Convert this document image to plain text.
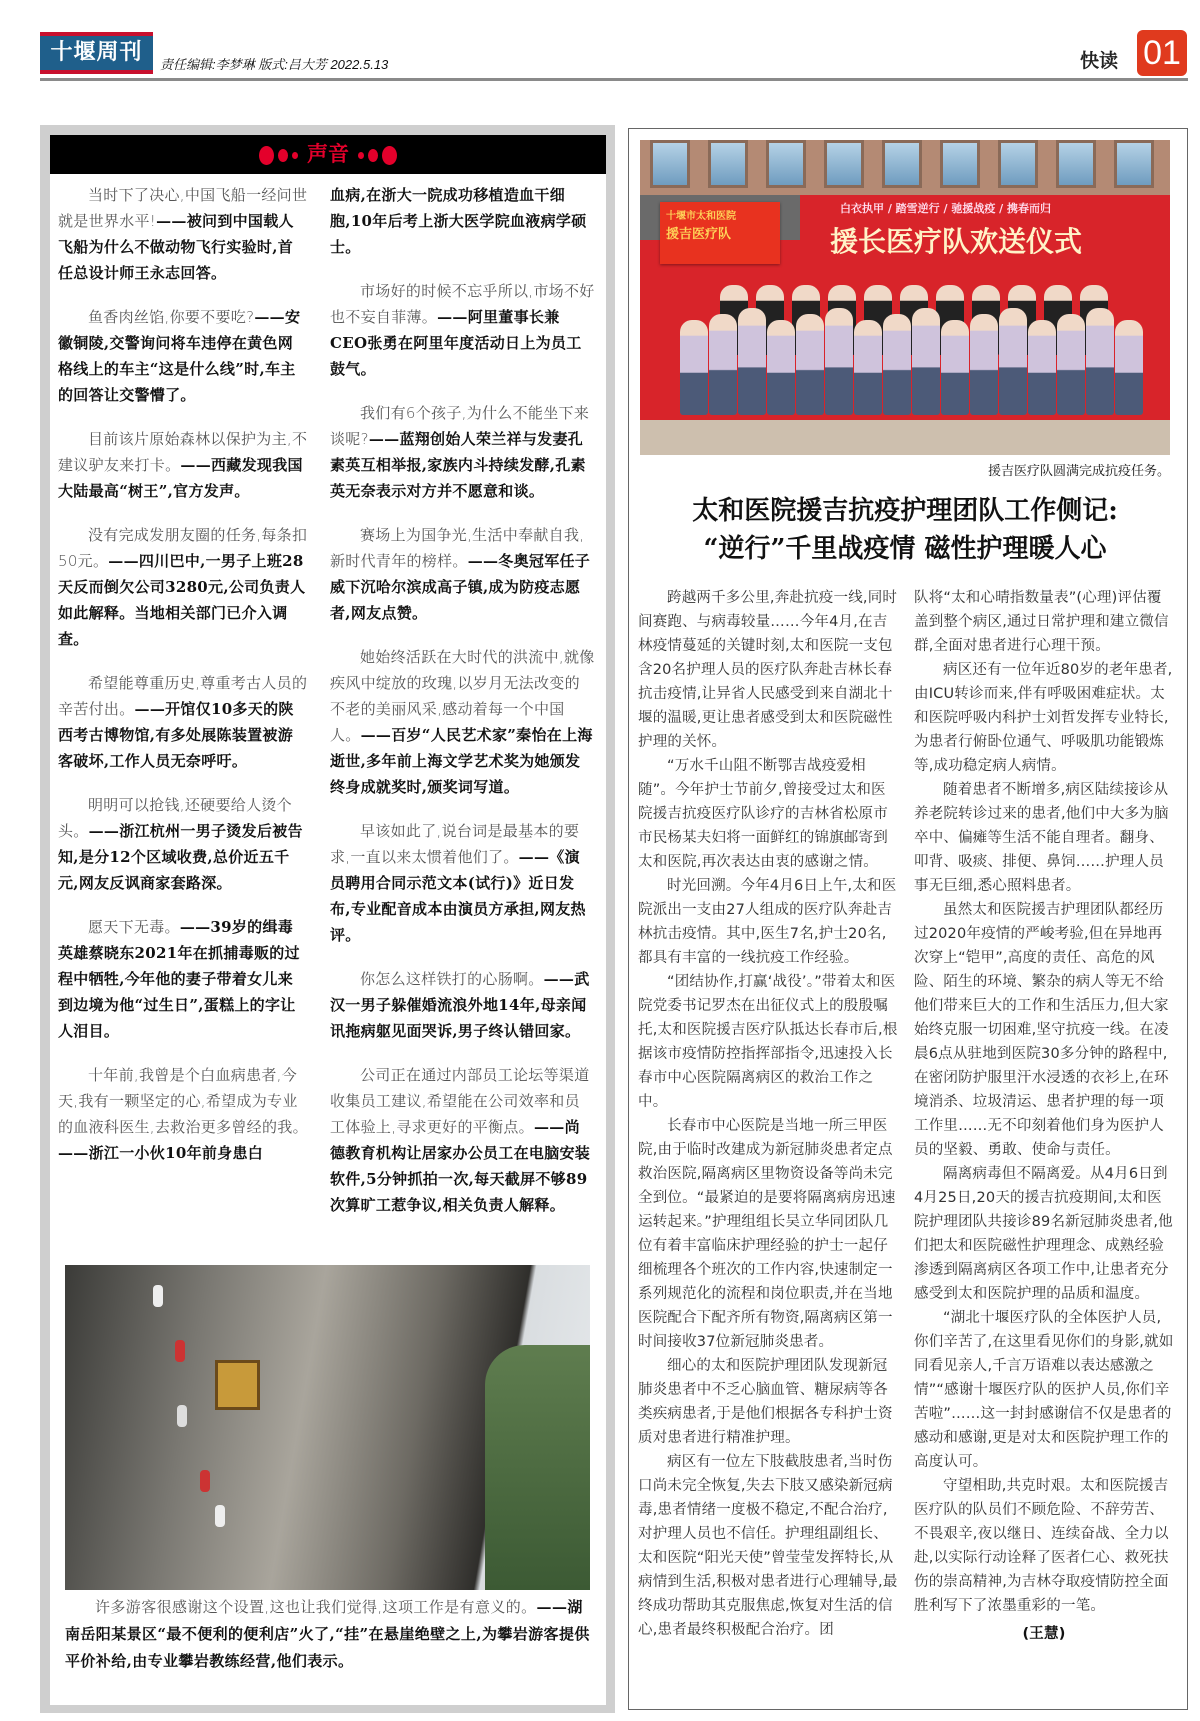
十堰周刊	责任编辑:李梦琳 版式:吕大芳 2022.5.13	快读 01
声音

当时下了决心,中国飞船一经问世就是世界水平!——被问到中国载人飞船为什么不做动物飞行实验时,首任总设计师王永志回答。

鱼香肉丝馅,你要不要吃?——安徽铜陵,交警询问将车违停在黄色网格线上的车主“这是什么线”时,车主的回答让交警懵了。

目前该片原始森林以保护为主,不建议驴友来打卡。——西藏发现我国大陆最高“树王”,官方发声。

没有完成发朋友圈的任务,每条扣50元。——四川巴中,一男子上班28天反而倒欠公司3280元,公司负责人如此解释。当地相关部门已介入调查。

希望能尊重历史,尊重考古人员的辛苦付出。——开馆仅10多天的陕西考古博物馆,有多处展陈装置被游客破坏,工作人员无奈呼吁。

明明可以抢钱,还硬要给人烫个头。——浙江杭州一男子烫发后被告知,是分12个区域收费,总价近五千元,网友反讽商家套路深。

愿天下无毒。——39岁的缉毒英雄蔡晓东2021年在抓捕毒贩的过程中牺牲,今年他的妻子带着女儿来到边境为他“过生日”,蛋糕上的字让人泪目。

十年前,我曾是个白血病患者,今天,我有一颗坚定的心,希望成为专业的血液科医生,去救治更多曾经的我。——浙江一小伙10年前身患白

血病,在浙大一院成功移植造血干细胞,10年后考上浙大医学院血液病学硕士。

市场好的时候不忘乎所以,市场不好也不妄自菲薄。——阿里董事长兼CEO张勇在阿里年度活动日上为员工鼓气。

我们有6个孩子,为什么不能坐下来谈呢?——蓝翔创始人荣兰祥与发妻孔素英互相举报,家族内斗持续发酵,孔素英无奈表示对方并不愿意和谈。

赛场上为国争光,生活中奉献自我,新时代青年的榜样。——冬奥冠军任子威下沉哈尔滨成高子镇,成为防疫志愿者,网友点赞。

她始终活跃在大时代的洪流中,就像疾风中绽放的玫瑰,以岁月无法改变的不老的美丽风采,感动着每一个中国人。——百岁“人民艺术家”秦怡在上海逝世,多年前上海文学艺术奖为她颁发终身成就奖时,颁奖词写道。

早该如此了,说台词是最基本的要求,一直以来太惯着他们了。——《演员聘用合同示范文本(试行)》近日发布,专业配音成本由演员方承担,网友热评。

你怎么这样铁打的心肠啊。——武汉一男子躲催婚流浪外地14年,母亲闻讯拖病躯见面哭诉,男子终认错回家。

公司正在通过内部员工论坛等渠道收集员工建议,希望能在公司效率和员工体验上,寻求更好的平衡点。——尚德教育机构让居家办公员工在电脑安装软件,5分钟抓拍一次,每天截屏不够89次算旷工惹争议,相关负责人解释。

许多游客很感谢这个设置,这也让我们觉得,这项工作是有意义的。——湖南岳阳某景区“最不便利的便利店”火了,“挂”在悬崖绝壁之上,为攀岩游客提供平价补给,由专业攀岩教练经营,他们表示。
十堰市太和医院
援吉医疗队
白衣执甲 / 踏雪逆行 / 驰援战疫 / 携春而归
援长医疗队欢送仪式
援吉医疗队圆满完成抗疫任务。
太和医院援吉抗疫护理团队工作侧记:
“逆行”千里战疫情 磁性护理暖人心

跨越两千多公里,奔赴抗疫一线,同时间赛跑、与病毒较量……今年4月,在吉林疫情蔓延的关键时刻,太和医院一支包含20名护理人员的医疗队奔赴吉林长春抗击疫情,让异省人民感受到来自湖北十堰的温暖,更让患者感受到太和医院磁性护理的关怀。

“万水千山阻不断鄂吉战疫爱相随”。今年护士节前夕,曾接受过太和医院援吉抗疫医疗队诊疗的吉林省松原市市民杨某夫妇将一面鲜红的锦旗邮寄到太和医院,再次表达由衷的感谢之情。

时光回溯。今年4月6日上午,太和医院派出一支由27人组成的医疗队奔赴吉林抗击疫情。其中,医生7名,护士20名,都具有丰富的一线抗疫工作经验。

“团结协作,打赢‘战役’。”带着太和医院党委书记罗杰在出征仪式上的殷殷嘱托,太和医院援吉医疗队抵达长春市后,根据该市疫情防控指挥部指令,迅速投入长春市中心医院隔离病区的救治工作之中。

长春市中心医院是当地一所三甲医院,由于临时改建成为新冠肺炎患者定点救治医院,隔离病区里物资设备等尚未完全到位。“最紧迫的是要将隔离病房迅速运转起来。”护理组组长吴立华同团队几位有着丰富临床护理经验的护士一起仔细梳理各个班次的工作内容,快速制定一系列规范化的流程和岗位职责,并在当地医院配合下配齐所有物资,隔离病区第一时间接收37位新冠肺炎患者。

细心的太和医院护理团队发现新冠肺炎患者中不乏心脑血管、糖尿病等各类疾病患者,于是他们根据各专科护士资质对患者进行精准护理。

病区有一位左下肢截肢患者,当时伤口尚未完全恢复,失去下肢又感染新冠病毒,患者情绪一度极不稳定,不配合治疗,对护理人员也不信任。护理组副组长、太和医院“阳光天使”曾莹莹发挥特长,从病情到生活,积极对患者进行心理辅导,最终成功帮助其克服焦虑,恢复对生活的信心,患者最终积极配合治疗。团

队将“太和心晴指数量表”(心理)评估覆盖到整个病区,通过日常护理和建立微信群,全面对患者进行心理干预。

病区还有一位年近80岁的老年患者,由ICU转诊而来,伴有呼吸困难症状。太和医院呼吸内科护士刘哲发挥专业特长,为患者行俯卧位通气、呼吸肌功能锻炼等,成功稳定病人病情。

随着患者不断增多,病区陆续接诊从养老院转诊过来的患者,他们中大多为脑卒中、偏瘫等生活不能自理者。翻身、叩背、吸痰、排便、鼻饲……护理人员事无巨细,悉心照料患者。

虽然太和医院援吉护理团队都经历过2020年疫情的严峻考验,但在异地再次穿上“铠甲”,高度的责任、高危的风险、陌生的环境、繁杂的病人等无不给他们带来巨大的工作和生活压力,但大家始终克服一切困难,坚守抗疫一线。在凌晨6点从驻地到医院30多分钟的路程中,在密闭防护服里汗水浸透的衣衫上,在环境消杀、垃圾清运、患者护理的每一项工作里……无不印刻着他们身为医护人员的坚毅、勇敢、使命与责任。

隔离病毒但不隔离爱。从4月6日到4月25日,20天的援吉抗疫期间,太和医院护理团队共接诊89名新冠肺炎患者,他们把太和医院磁性护理理念、成熟经验渗透到隔离病区各项工作中,让患者充分感受到太和医院护理的品质和温度。

“湖北十堰医疗队的全体医护人员,你们辛苦了,在这里看见你们的身影,就如同看见亲人,千言万语难以表达感激之情”“感谢十堰医疗队的医护人员,你们辛苦啦”……这一封封感谢信不仅是患者的感动和感谢,更是对太和医院护理工作的高度认可。

守望相助,共克时艰。太和医院援吉医疗队的队员们不顾危险、不辞劳苦、不畏艰辛,夜以继日、连续奋战、全力以赴,以实际行动诠释了医者仁心、救死扶伤的崇高精神,为吉林夺取疫情防控全面胜利写下了浓墨重彩的一笔。

(王慧)
